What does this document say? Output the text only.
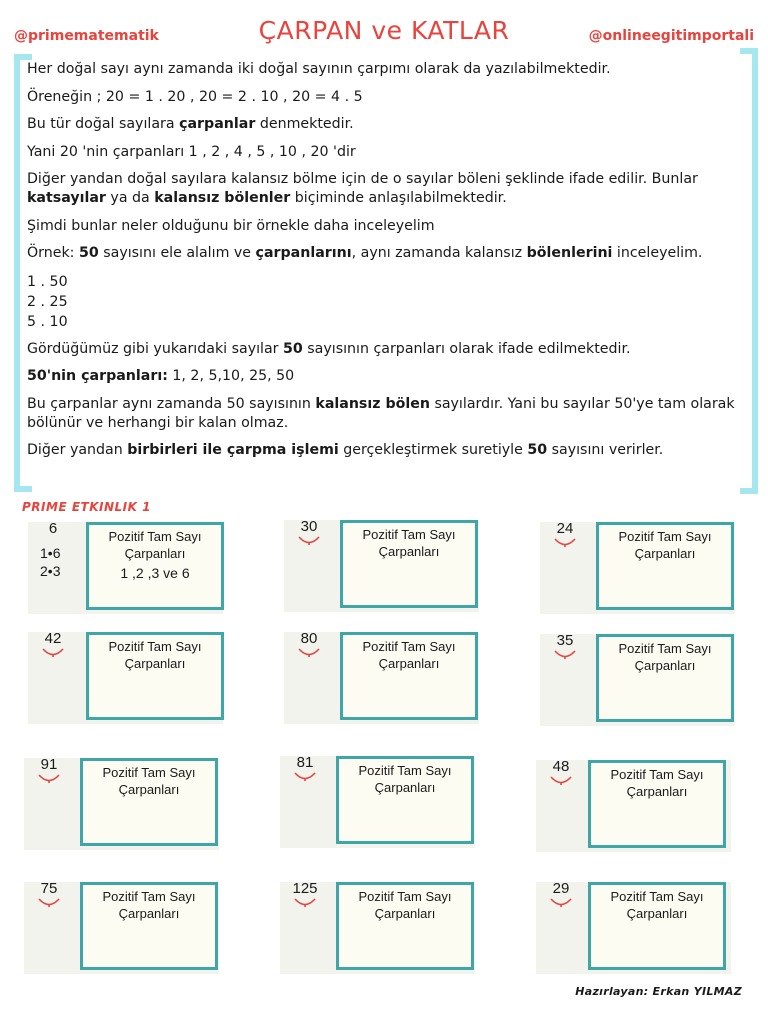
@primematematik	ÇARPAN ve KATLAR	@onlineegitimportali

Her doğal sayı aynı zamanda iki doğal sayının çarpımı olarak da yazılabilmektedir.

Öreneğin ; 20 = 1 . 20 , 20 = 2 . 10 , 20 = 4 . 5

Bu tür doğal sayılara çarpanlar denmektedir.

Yani 20 'nin çarpanları 1 , 2 , 4 , 5 , 10 , 20 'dir

Diğer yandan doğal sayılara kalansız bölme için de o sayılar böleni şeklinde ifade edilir. Bunlar katsayılar ya da kalansız bölenler biçiminde anlaşılabilmektedir.

Şimdi bunlar neler olduğunu bir örnekle daha inceleyelim

Örnek: 50 sayısını ele alalım ve çarpanlarını, aynı zamanda kalansız bölenlerini inceleyelim.

1 . 50
2 . 25
5 . 10

Gördüğümüz gibi yukarıdaki sayılar 50 sayısının çarpanları olarak ifade edilmektedir.

50'nin çarpanları: 1, 2, 5,10, 25, 50

Bu çarpanlar aynı zamanda 50 sayısının kalansız bölen sayılardır. Yani bu sayılar 50'ye tam olarak bölünür ve herhangi bir kalan olmaz.

Diğer yandan birbirleri ile çarpma işlemi gerçekleştirmek suretiyle 50 sayısını verirler.

PRIME ETKINLIK 1
6
1•6
2•3
Pozitif Tam Sayı
Çarpanları
1 ,2 ,3 ve 6
30	Pozitif Tam Sayı
Çarpanları
24	Pozitif Tam Sayı
Çarpanları
42	Pozitif Tam Sayı
Çarpanları
80	Pozitif Tam Sayı
Çarpanları
35	Pozitif Tam Sayı
Çarpanları
91	Pozitif Tam Sayı
Çarpanları
81	Pozitif Tam Sayı
Çarpanları
48	Pozitif Tam Sayı
Çarpanları
75	Pozitif Tam Sayı
Çarpanları
125	Pozitif Tam Sayı
Çarpanları
29	Pozitif Tam Sayı
Çarpanları
Hazırlayan: Erkan YILMAZ
